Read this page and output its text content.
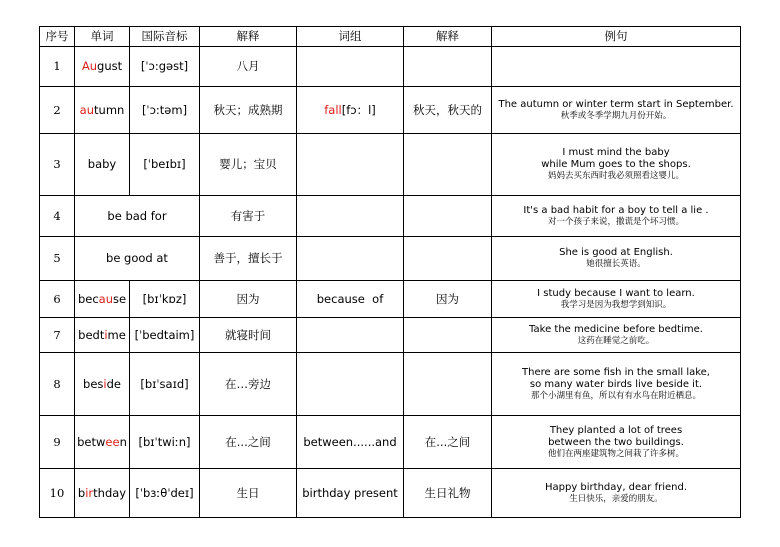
序号	单词	国际音标	解释	词组	解释	例句
1	August	[ˈɔ:gəst]	八月			
2	autumn	[ˈɔ:təm]	秋天；成熟期	fall[fɔ：l]	秋天，秋天的	The autumn or winter term start in September.
秋季或冬季学期九月份开始。

3	baby	[ˈbeɪbɪ]	婴儿；宝贝			I must mind the baby
while Mum goes to the shops.
妈妈去买东西时我必须照看这婴儿。

4	be bad for		有害于			It's a bad habit for a boy to tell a lie .
对一个孩子来说，撒谎是个坏习惯。

5	be good at		善于，擅长于			She is good at English.
她很擅长英语。

6	because	[bɪˈkɒz]	因为	because  of	因为	I study because I want to learn.
我学习是因为我想学到知识。

7	bedtime	[ˈbedtaim]	就寝时间			Take the medicine before bedtime.
这药在睡觉之前吃。

8	beside	[bɪˈsaɪd]	在…旁边			There are some fish in the small lake,
so many water birds live beside it.
那个小湖里有鱼，所以有有水鸟在附近栖息。

9	between	[bɪˈtwiːn]	在...之间	between......and	在...之间	They planted a lot of trees
between the two buildings.
他们在两座建筑物之间栽了许多树。

10	birthday	[ˈbɜːθˈdeɪ]	生日	birthday present	生日礼物	Happy birthday, dear friend.
生日快乐，亲爱的朋友。
